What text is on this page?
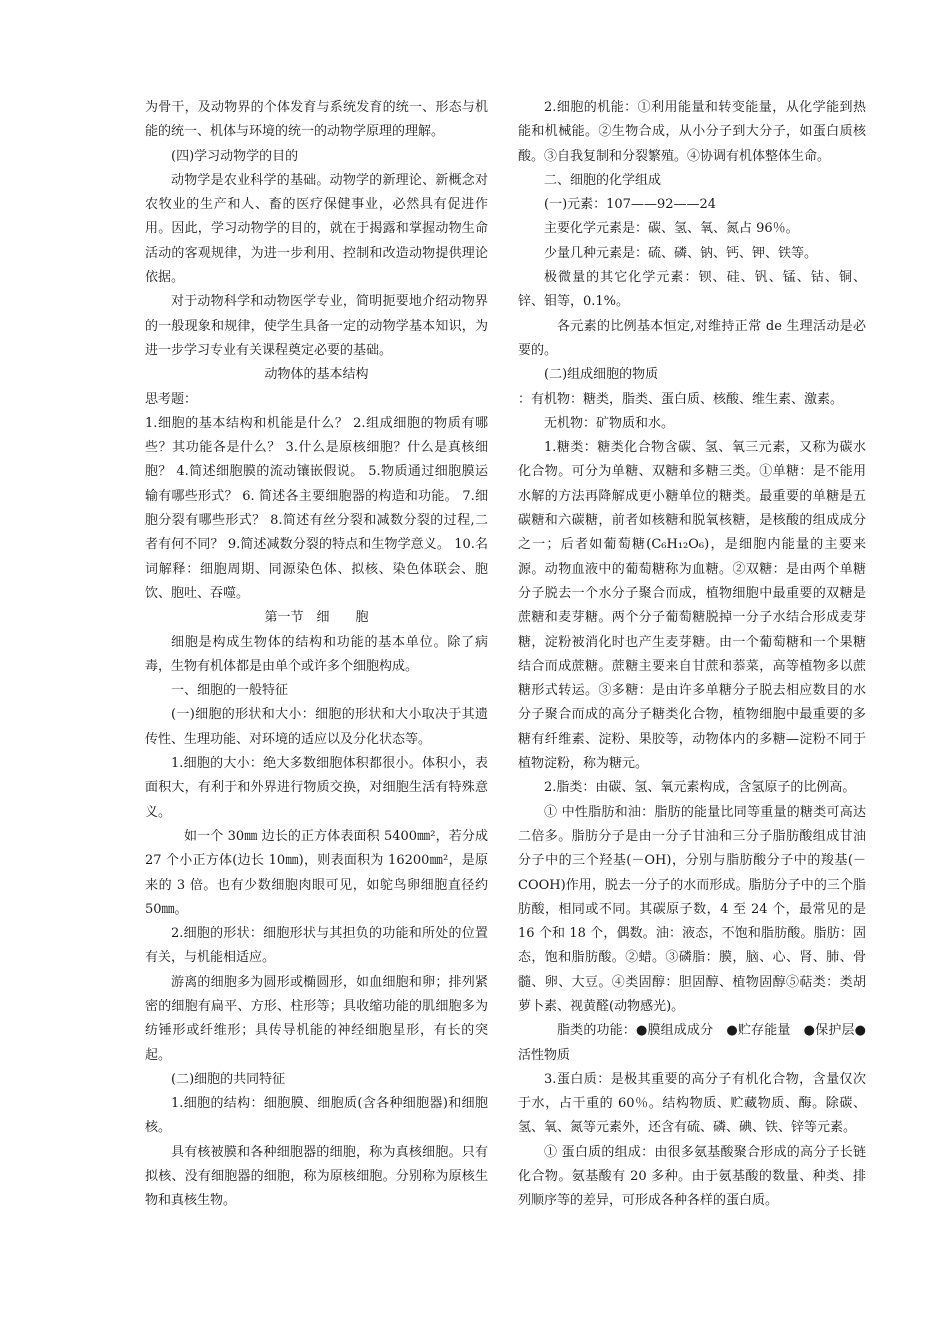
为骨干，及动物界的个体发育与系统发育的统一、形态与机能的统一、机体与环境的统一的动物学原理的理解。

(四)学习动物学的目的

动物学是农业科学的基础。动物学的新理论、新概念对农牧业的生产和人、畜的医疗保健事业，必然具有促进作用。因此，学习动物学的目的，就在于揭露和掌握动物生命活动的客观规律，为进一步利用、控制和改造动物提供理论依据。

对于动物科学和动物医学专业，简明扼要地介绍动物界的一般现象和规律，使学生具备一定的动物学基本知识，为进一步学习专业有关课程奠定必要的基础。

动物体的基本结构

思考题：

1.细胞的基本结构和机能是什么？ 2.组成细胞的物质有哪些？其功能各是什么？ 3.什么是原核细胞？什么是真核细胞？ 4.简述细胞膜的流动镶嵌假说。 5.物质通过细胞膜运输有哪些形式？ 6. 简述各主要细胞器的构造和功能。 7.细胞分裂有哪些形式？ 8.简述有丝分裂和减数分裂的过程,二者有何不同？ 9.简述减数分裂的特点和生物学意义。 10.名词解释：细胞周期、同源染色体、拟核、染色体联会、胞饮、胞吐、吞噬。

第一节　细　　胞

细胞是构成生物体的结构和功能的基本单位。除了病毒，生物有机体都是由单个或许多个细胞构成。

一、细胞的一般特征

(一)细胞的形状和大小：细胞的形状和大小取决于其遗传性、生理功能、对环境的适应以及分化状态等。

1.细胞的大小：绝大多数细胞体积都很小。体积小，表面积大，有利于和外界进行物质交换，对细胞生活有特殊意义。

如一个 30㎜ 边长的正方体表面积 5400㎜²，若分成 27 个小正方体(边长 10㎜)，则表面积为 16200㎜²，是原来的 3 倍。也有少数细胞肉眼可见，如鸵鸟卵细胞直径约 50㎜。

2.细胞的形状：细胞形状与其担负的功能和所处的位置有关，与机能相适应。

游离的细胞多为圆形或椭圆形，如血细胞和卵；排列紧密的细胞有扁平、方形、柱形等；具收缩功能的肌细胞多为纺锤形或纤维形；具传导机能的神经细胞星形，有长的突起。

(二)细胞的共同特征

1.细胞的结构：细胞膜、细胞质(含各种细胞器)和细胞核。

具有核被膜和各种细胞器的细胞，称为真核细胞。只有拟核、没有细胞器的细胞，称为原核细胞。分别称为原核生物和真核生物。

2.细胞的机能：①利用能量和转变能量，从化学能到热能和机械能。②生物合成，从小分子到大分子，如蛋白质核酸。③自我复制和分裂繁殖。④协调有机体整体生命。

二、细胞的化学组成

(一)元素：107——92——24

主要化学元素是：碳、氢、氧、氮占 96％。

少量几种元素是：硫、磷、钠、钙、钾、铁等。

极微量的其它化学元素：钡、硅、钒、锰、钴、铜、锌、钼等，0.1%。

各元素的比例基本恒定,对维持正常 de 生理活动是必要的。

(二)组成细胞的物质

：有机物：糖类，脂类、蛋白质、核酸、维生素、激素。

无机物：矿物质和水。

1.糖类：糖类化合物含碳、氢、氧三元素，又称为碳水化合物。可分为单糖、双糖和多糖三类。①单糖：是不能用水解的方法再降解成更小糖单位的糖类。最重要的单糖是五碳糖和六碳糖，前者如核糖和脱氧核糖，是核酸的组成成分之一；后者如葡萄糖(C₆H₁₂O₆)，是细胞内能量的主要来源。动物血液中的葡萄糖称为血糖。②双糖：是由两个单糖分子脱去一个水分子聚合而成，植物细胞中最重要的双糖是蔗糖和麦芽糖。两个分子葡萄糖脱掉一分子水结合形成麦芽糖，淀粉被消化时也产生麦芽糖。由一个葡萄糖和一个果糖结合而成蔗糖。蔗糖主要来自甘蔗和菾菜，高等植物多以蔗糖形式转运。③多糖：是由许多单糖分子脱去相应数目的水分子聚合而成的高分子糖类化合物，植物细胞中最重要的多糖有纤维素、淀粉、果胶等，动物体内的多糖—淀粉不同于植物淀粉，称为糖元。

2.脂类：由碳、氢、氧元素构成，含氢原子的比例高。

① 中性脂肪和油：脂肪的能量比同等重量的糖类可高达二倍多。脂肪分子是由一分子甘油和三分子脂肪酸组成甘油分子中的三个羟基(－OH)，分别与脂肪酸分子中的羧基(－COOH)作用，脱去一分子的水而形成。脂肪分子中的三个脂肪酸，相同或不同。其碳原子数，4 至 24 个，最常见的是 16 个和 18 个，偶数。油：液态，不饱和脂肪酸。脂肪：固态，饱和脂肪酸。②蜡。③磷脂：膜，脑、心、肾、肺、骨髓、卵、大豆。④类固醇：胆固醇、植物固醇⑤萜类：类胡萝卜素、视黄醛(动物感光)。

脂类的功能：●膜组成成分　●贮存能量　●保护层●活性物质

3.蛋白质：是极其重要的高分子有机化合物，含量仅次于水，占干重的 60％。结构物质、贮藏物质、酶。除碳、氢、氧、氮等元素外，还含有硫、磷、碘、铁、锌等元素。

① 蛋白质的组成：由很多氨基酸聚合形成的高分子长链化合物。氨基酸有 20 多种。由于氨基酸的数量、种类、排列顺序等的差异，可形成各种各样的蛋白质。
